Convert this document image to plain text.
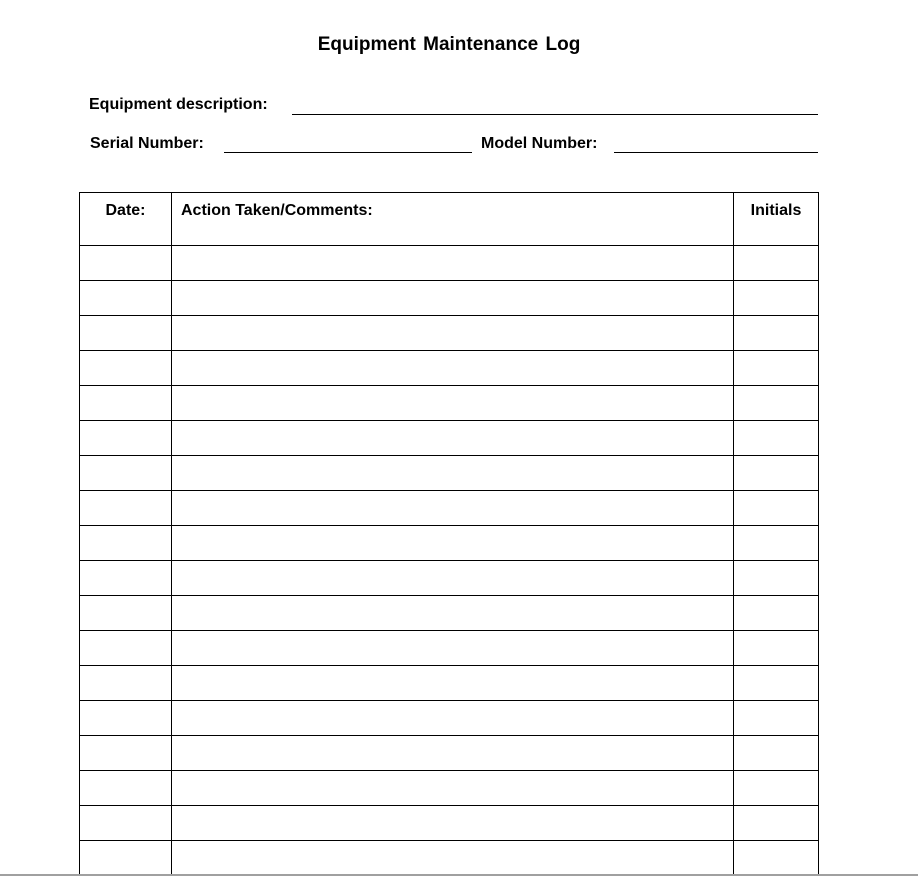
Equipment Maintenance Log
Equipment description:
Serial Number:	Model Number:
Date:	Action Taken/Comments:	Initials
